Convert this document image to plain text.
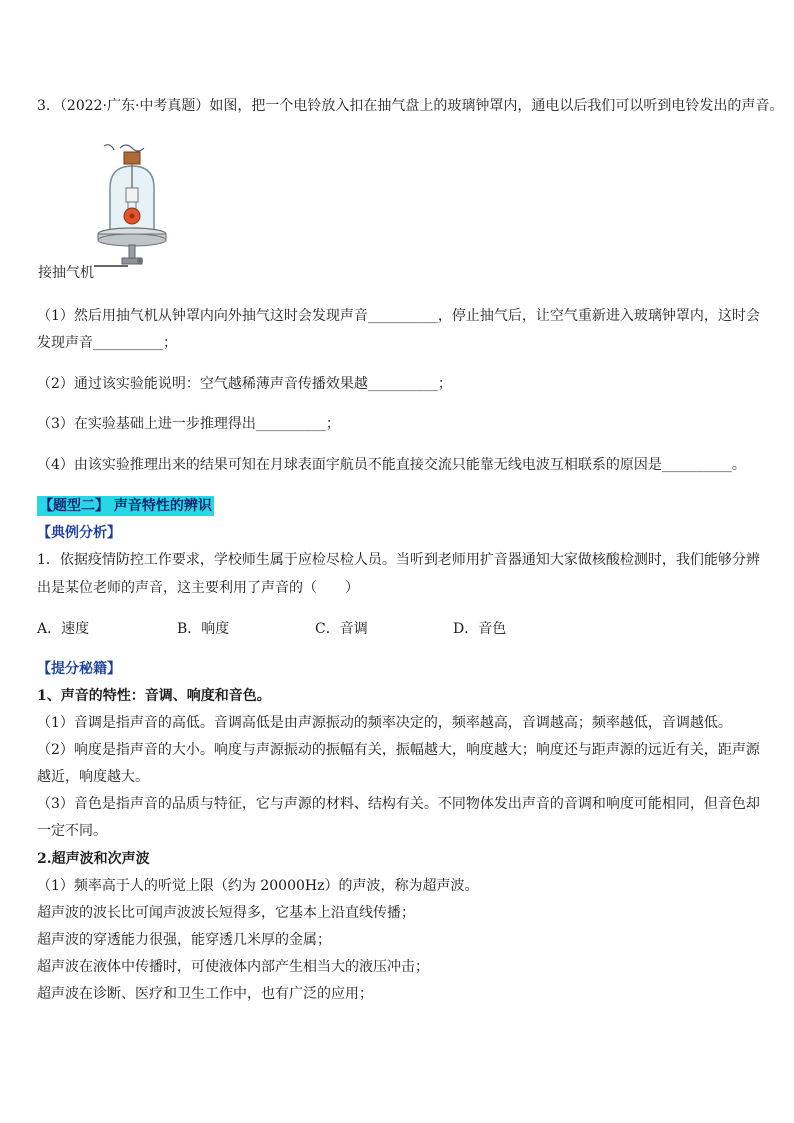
3．（2022·广东·中考真题）如图，把一个电铃放入扣在抽气盘上的玻璃钟罩内，通电以后我们可以听到电铃发出的声音。
接抽气机
（1）然后用抽气机从钟罩内向外抽气这时会发现声音__________，停止抽气后，让空气重新进入玻璃钟罩内，这时会
发现声音__________；
（2）通过该实验能说明：空气越稀薄声音传播效果越__________；
（3）在实验基础上进一步推理得出__________；
（4）由该实验推理出来的结果可知在月球表面宇航员不能直接交流只能靠无线电波互相联系的原因是__________。
【题型二】 声音特性的辨识
【典例分析】
1．依据疫情防控工作要求，学校师生属于应检尽检人员。当听到老师用扩音器通知大家做核酸检测时，我们能够分辨
出是某位老师的声音，这主要利用了声音的（　　）
A．速度	B．响度	C．音调	D．音色
【提分秘籍】
1、声音的特性：音调、响度和音色。
（1）音调是指声音的高低。音调高低是由声源振动的频率决定的，频率越高，音调越高；频率越低，音调越低。
（2）响度是指声音的大小。响度与声源振动的振幅有关，振幅越大，响度越大；响度还与距声源的远近有关，距声源
越近，响度越大。
（3）音色是指声音的品质与特征，它与声源的材料、结构有关。不同物体发出声音的音调和响度可能相同，但音色却
一定不同。
2.超声波和次声波
（1）频率高于人的听觉上限（约为 20000Hz）的声波，称为超声波。
超声波的波长比可闻声波波长短得多，它基本上沿直线传播；
超声波的穿透能力很强，能穿透几米厚的金属；
超声波在液体中传播时，可使液体内部产生相当大的液压冲击；
超声波在诊断、医疗和卫生工作中，也有广泛的应用；
